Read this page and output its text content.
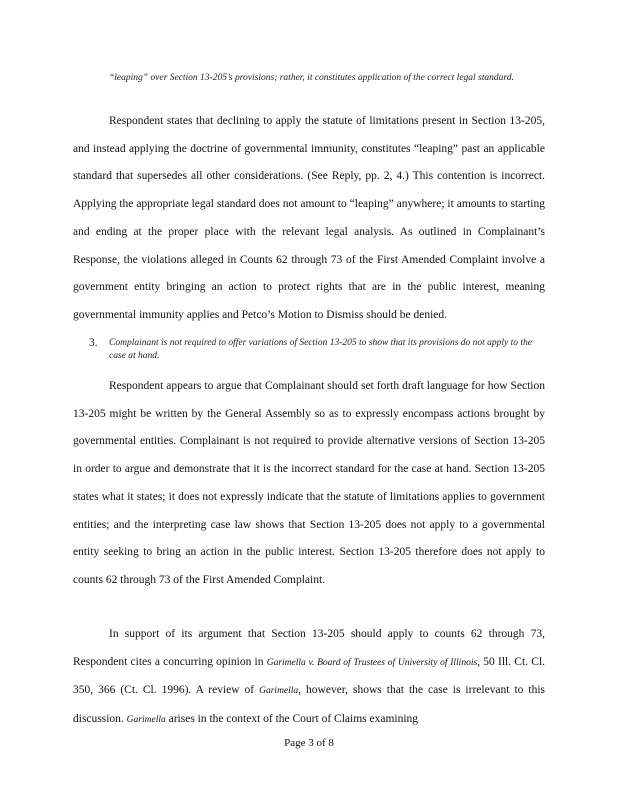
“leaping” over Section 13-205’s provisions; rather, it constitutes application of the correct legal standard.
Respondent states that declining to apply the statute of limitations present in Section 13-205, and instead applying the doctrine of governmental immunity, constitutes “leaping” past an applicable standard that supersedes all other considerations. (See Reply, pp. 2, 4.) This contention is incorrect. Applying the appropriate legal standard does not amount to “leaping” anywhere; it amounts to starting and ending at the proper place with the relevant legal analysis. As outlined in Complainant’s Response, the violations alleged in Counts 62 through 73 of the First Amended Complaint involve a government entity bringing an action to protect rights that are in the public interest, meaning governmental immunity applies and Petco’s Motion to Dismiss should be denied.
3. Complainant is not required to offer variations of Section 13-205 to show that its provisions do not apply to the case at hand.
Respondent appears to argue that Complainant should set forth draft language for how Section 13-205 might be written by the General Assembly so as to expressly encompass actions brought by governmental entities. Complainant is not required to provide alternative versions of Section 13-205 in order to argue and demonstrate that it is the incorrect standard for the case at hand. Section 13-205 states what it states; it does not expressly indicate that the statute of limitations applies to government entities; and the interpreting case law shows that Section 13-205 does not apply to a governmental entity seeking to bring an action in the public interest. Section 13-205 therefore does not apply to counts 62 through 73 of the First Amended Complaint.
In support of its argument that Section 13-205 should apply to counts 62 through 73, Respondent cites a concurring opinion in Garimella v. Board of Trustees of University of Illinois, 50 Ill. Ct. Cl. 350, 366 (Ct. Cl. 1996). A review of Garimella, however, shows that the case is irrelevant to this discussion. Garimella arises in the context of the Court of Claims examining
Page 3 of 8
